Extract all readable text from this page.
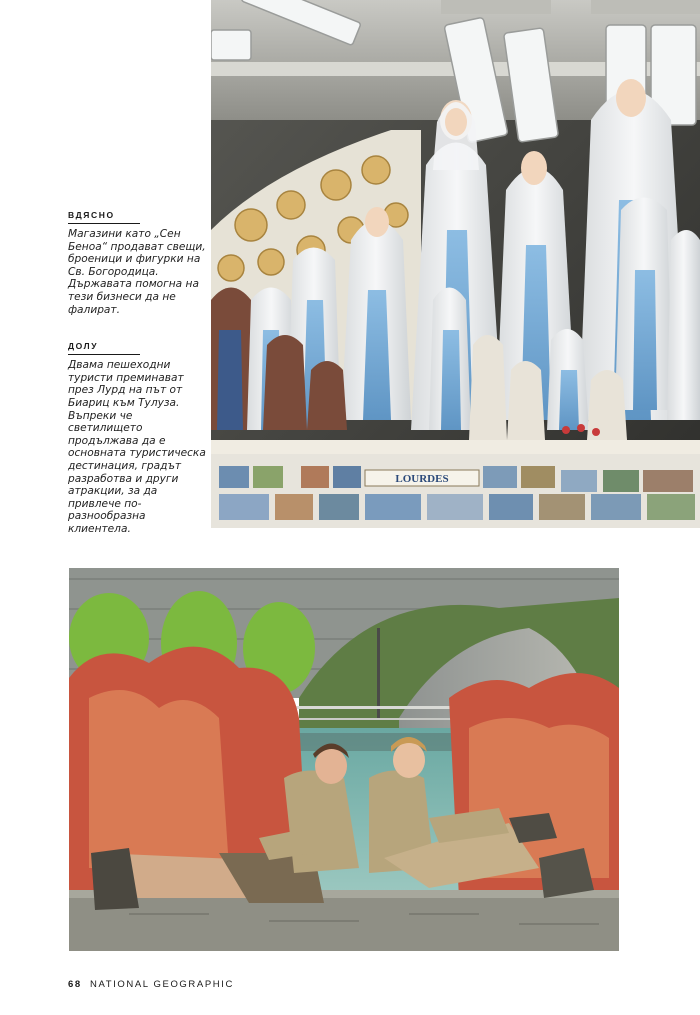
ВДЯСНО

Магазини като „Сен Беноа“ продават свещи, броеници и фигурки на Св. Богородица. Държавата помогна на тези бизнеси да не фалират.

ДОЛУ

Двама пешеходни туристи преминават през Лурд на път от Биариц към Тулуза. Въпреки че светилището продължава да е основната туристическа дестинация, градът разработва и други атракции, за да привлече по-разнообразна клиентела.

LOURDES
68 NATIONAL GEOGRAPHIC
